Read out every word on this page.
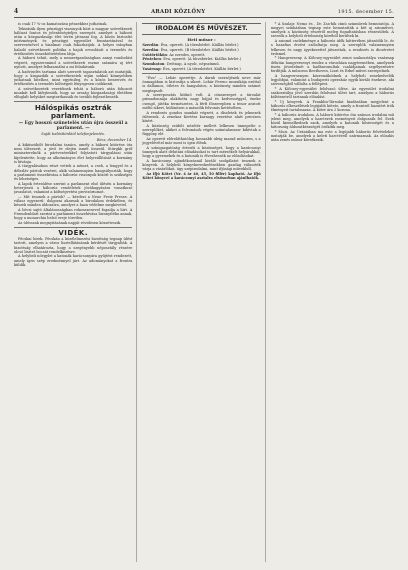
4	ARADI KÖZLÖNY	1915. december 15.

is csak 17 %-os kamatozásu pénzekhez juthatnak.

Tekintsük ilyen pénzügyi viszonyok közt a magyar szövetkezeti hálózat fontos és jelentőségteljes szerepét, amelyet a háború után a közgazdasági élet terén játszani fog. A közös biztosító intézmények és pénzügyi egyesület fenntartásával és szervezésével a bizalmat csak fokozhatjuk. A helyes irányban haladó szövetkezeti politika a bajok orvoslását a termelés és értékesítés összeköttetésben látja.

A háború tehát, mely a nemzetgazdaságban annyi rombolást végzett, egyszersmind a szövetkezeti eszme számára uj tért nyitott, amelyet felhasználni a mi feladatunk.

A hadviselés tartama alatt szerzett tapasztalatok azt mutatják, hogy a kisgazdák a szövetkezetek utján sokkal könnyebben juthatnak hitelhez, mint egyénileg, és a közös beszerzés és értékesítés a termelés költségeit lényegesen csökkenti.

A szövetkezetek vezetőinek tehát a háború után fokozott munkát kell kifejteniök, hogy az ország közgazdasági életében elfoglalt helyüket megtarthassák és tovább fejleszthessék.

Hálóspikás osztrák parlament.
— Egy hosszú szünetelés után újra összeül a parlament. —
Saját tudósítónktól telefonjelentés.

Bécs, december 14.

A kiküszöbölt birodalmi tanács, amely a háború kitörése óta nem ülésezett, a jövő év elején ismét összeül. Stürgkh gróf miniszterelnök a pártvezérekkel folytatott tárgyalásai után kijelentette, hogy az alkotmányos élet helyreállítását a kormány is kívánja.

A tárgyalásokon részt vettek a német, a cseh, a lengyel és a délszláv pártok vezérei, akik valamennyien hangsúlyozták, hogy a parlament összehívása a háborús viszonyok között is szükséges és lehetséges.

A lapok értesülése szerint a parlament első ülésén a kormány beterjeszti a háborús rendeletek jóváhagyására vonatkozó javaslatot, valamint a költségvetési provizóriumot.

— Mit tesznek a pártok? — kérdezi a Neue Freie Presse. A válasz egyszerű: dolgozni akarnak a birodalom érdekében, és készek minden áldozatra, amelyet a haza védelme megkövetel.

A bécsi sajtó általánosságban rokonszenvvel fogadja a hírt. A Fremdenblatt szerint a parlament összehívása bizonyítéka annak, hogy a monarchia belső ereje töretlen.

Az ülésszak megnyitásának napját rövidesen közzéteszik.

VIDÉK.

Pécskai hírek. Pécskán a közélelmezési bizottság tegnap ülést tartott, amelyen a város lisztellátásának kérdését tárgyalták. A bizottság elhatározta, hogy a szegényebb néposztály részére olcsó lisztet bocsát rendelkezésre.

A helybeli nőegylet a katonák karácsonyára gyűjtést rendezett, amely igen szép eredménnyel járt. Az adományokat a frontra küldik.

IRODALOM ÉS MŰVÉSZET.
Heti műsor :

Szerdán: Éva, operett. (A tőrzsbérlet. Kiállás bérlet.)

Szerdán: Éva, operett. (B tőrzsbérlet. Kiállás bérlet.)

Csütörtökön: Az ezredes, operett.

Pénteken: Éva, operett. (A tőrzsbérlet. Kiállás bérlet.)

Szombaton: Drótnap, A nyolc, népszínmű.

Vasárnap: Éva, operett. (A tőrzsbérlet. Kiállás bérlet.)

"Éva" — Lehár operettje. A darab szerzőjének neve már önmagában is biztosítja a sikert. Lehár Ferenc muzsikája ezúttal is dallamos, ötletes és hangulatos, a közönség minden számot megtapsolt.

A szereposztás kitűnő volt. A címszerepet a társulat primadonnája alakította nagy bájjal és kedvességgel, éneke csengő, játéka természetes. A férfi főszerepben a tenor aratott méltó sikert, különösen a második felvonás kettősében.

A rendezés gondos munkát végzett, a díszletek és jelmezek ízlésesek. A zenekar Kertész karnagy vezetése alatt precízen kísért.

A közönség zsúfolt nézőtér mellett lelkesen ünnepelte a szereplőket, akiket a felvonások végén számtalanszor kihívtak a függöny elé.

Az operett előreláthatólag hosszabb ideig marad műsoron, s a jegyelővétel már most is igen élénk.

A színigazgatóság értesíti a közönséget, hogy a karácsonyi ünnepek alatt délutáni előadásokat is tart mérsékelt helyárakkal, hogy a gyermekek és a katonák is élvezhessék az előadásokat.

A karácsonyi ajándékozásnál kiváló szolgálatot tesznek a könyvek. A helybeli könyvkereskedésekben gazdag választék várja a vásárlókat, úgy szépirodalmi, mint ifjúsági művekből.

Az Ifjú Kötet (Nr. 4 ár 40, 45, 50 fillér) kapható. Az Ifjú Kötet könyvei a karácsonyi asztalra elsősorban ajánlhatók.

* A Szalajr. Nemo és , Dr. Zsa-bik címü szinművek bemutatója. A megyei színházban tegnap este bemutatták a két uj szinművet, amelyek a közönség részéről meleg fogadtatásban részesültek. A szerzők a helybeli értelmiség köréből kerültek ki.

A szinmű cselekménye a háborús idők hátterében játszódik le, és a hazafias érzést szólaltatja meg. A szereplők valamennyien lelkesen és nagy igyekezettel játszottak, a rendezés is dicséretet érdemel.

* Hangverseny. A Kölcsey-egyesület zenei szakosztálya vasárnap délután hangversenyt rendez a városháza nagytermében, amelynek tiszta jövedelmét a hadbavonultak családjainak segélyezésére fordítják. A műsoron Beethoven, Liszt és Erkel művei szerepelnek.

A hangversenyen közreműködnek a helybeli zenekedvelők legjobbjai, valamint a budapesti operaház egyik kiváló énekese, aki szívességből vállalta a fellépést.

* A Kölcsey-egyesület felolvasó ülése. Az egyesület irodalmi szakosztálya jövő szerdán felolvasó ülést tart, amelyen a háborús költészetről tartanak előadást.

* Uj könyvek. A Franklin-Társulat kiadásában megjelent a háborús elbeszélések legújabb kötete, amely a frontról hazatért írók élményeit tartalmazza. A kötet ára 2 korona.

* A háborús irodalom. A háború kitörése óta számos irodalmi mű jelent meg, amelyek a harcterek eseményeit dolgozzák fel. Ezek közül kiemelkednek azok, amelyek a katonák hősiességét és a hátország áldozatkészségét örökítik meg.

* Mozi. Az Urániában ma este a legújabb háborús felvételeket mutatják be, amelyek a keleti harctérről származnak. Az előadás után zenés műsor következik.
